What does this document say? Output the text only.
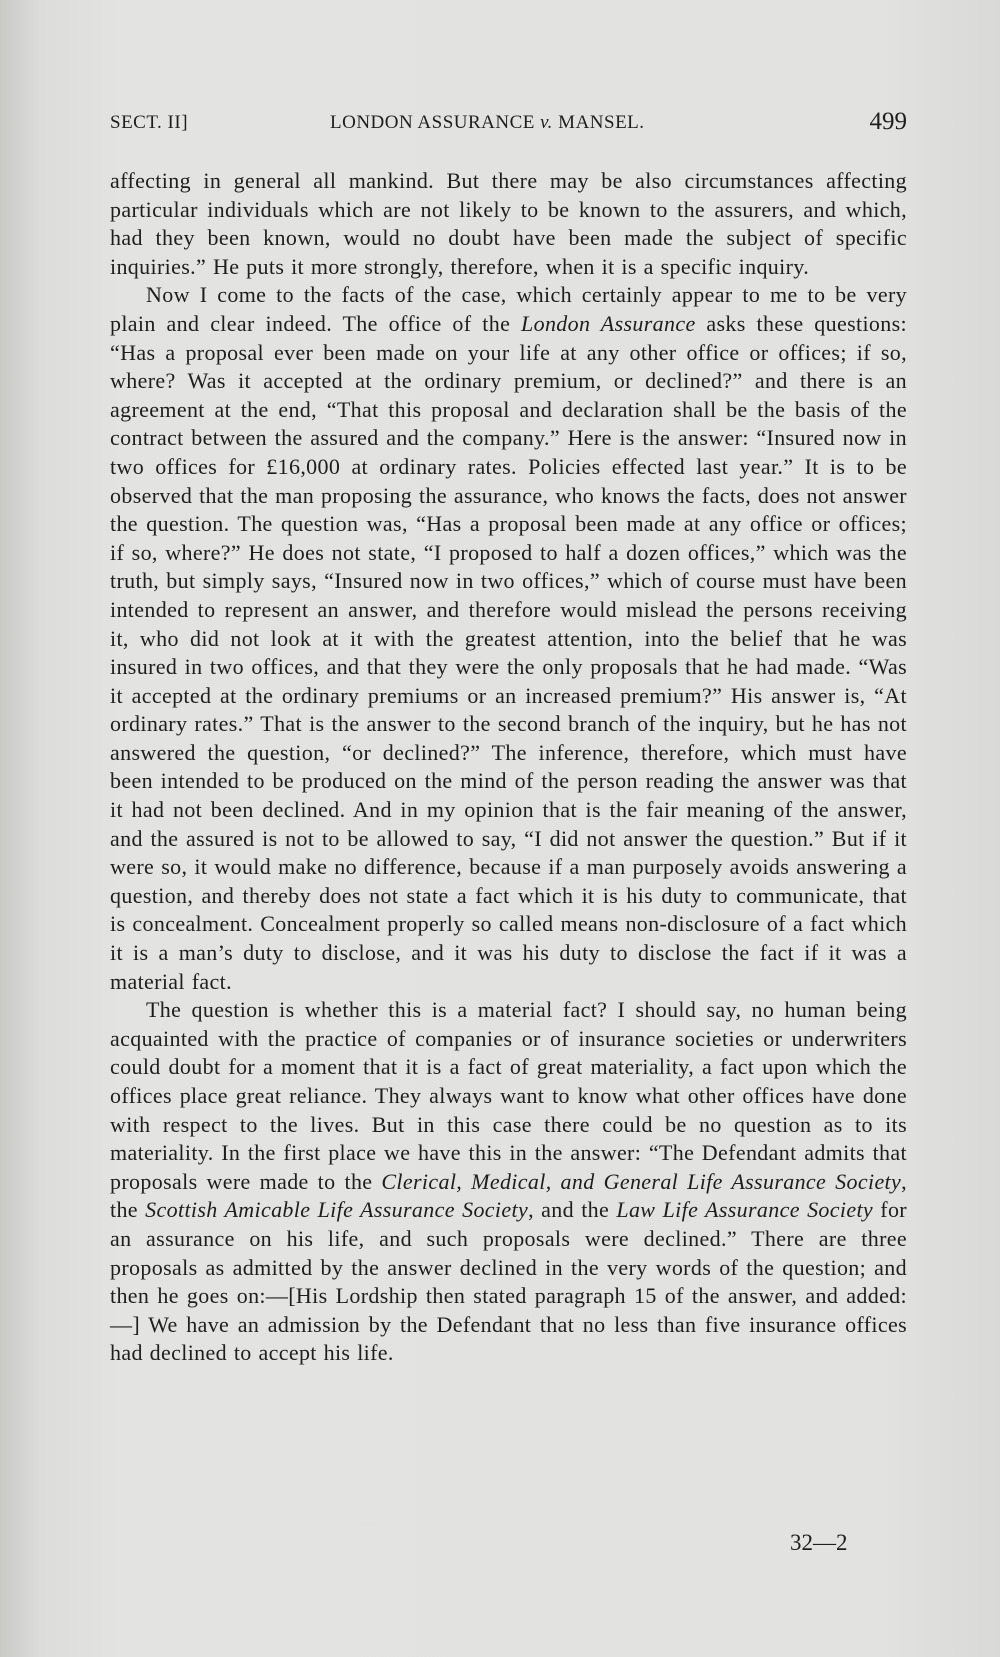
SECT. II]	LONDON ASSURANCE v. MANSEL.	499

affecting in general all mankind. But there may be also circumstances affecting particular individuals which are not likely to be known to the assurers, and which, had they been known, would no doubt have been made the subject of specific inquiries.” He puts it more strongly, therefore, when it is a specific inquiry.

Now I come to the facts of the case, which certainly appear to me to be very plain and clear indeed. The office of the London Assurance asks these questions: “Has a proposal ever been made on your life at any other office or offices; if so, where? Was it accepted at the ordinary premium, or declined?” and there is an agreement at the end, “That this proposal and declaration shall be the basis of the contract between the assured and the company.” Here is the answer: “Insured now in two offices for £16,000 at ordinary rates. Policies effected last year.” It is to be observed that the man proposing the assurance, who knows the facts, does not answer the question. The question was, “Has a proposal been made at any office or offices; if so, where?” He does not state, “I proposed to half a dozen offices,” which was the truth, but simply says, “Insured now in two offices,” which of course must have been intended to represent an answer, and therefore would mislead the persons receiving it, who did not look at it with the greatest attention, into the belief that he was insured in two offices, and that they were the only proposals that he had made. “Was it accepted at the ordinary premiums or an increased premium?” His answer is, “At ordinary rates.” That is the answer to the second branch of the inquiry, but he has not answered the question, “or declined?” The inference, therefore, which must have been intended to be produced on the mind of the person reading the answer was that it had not been declined. And in my opinion that is the fair meaning of the answer, and the assured is not to be allowed to say, “I did not answer the question.” But if it were so, it would make no difference, because if a man purposely avoids answering a question, and thereby does not state a fact which it is his duty to communicate, that is concealment. Concealment properly so called means non-disclosure of a fact which it is a man’s duty to disclose, and it was his duty to disclose the fact if it was a material fact.

The question is whether this is a material fact? I should say, no human being acquainted with the practice of companies or of insurance societies or underwriters could doubt for a moment that it is a fact of great materiality, a fact upon which the offices place great reliance. They always want to know what other offices have done with respect to the lives. But in this case there could be no question as to its materiality. In the first place we have this in the answer: “The Defendant admits that proposals were made to the Clerical, Medical, and General Life Assurance Society, the Scottish Amicable Life Assurance Society, and the Law Life Assurance Society for an assurance on his life, and such proposals were declined.” There are three proposals as admitted by the answer declined in the very words of the question; and then he goes on:—[His Lordship then stated paragraph 15 of the answer, and added:—] We have an admission by the Defendant that no less than five insurance offices had declined to accept his life.

32—2
